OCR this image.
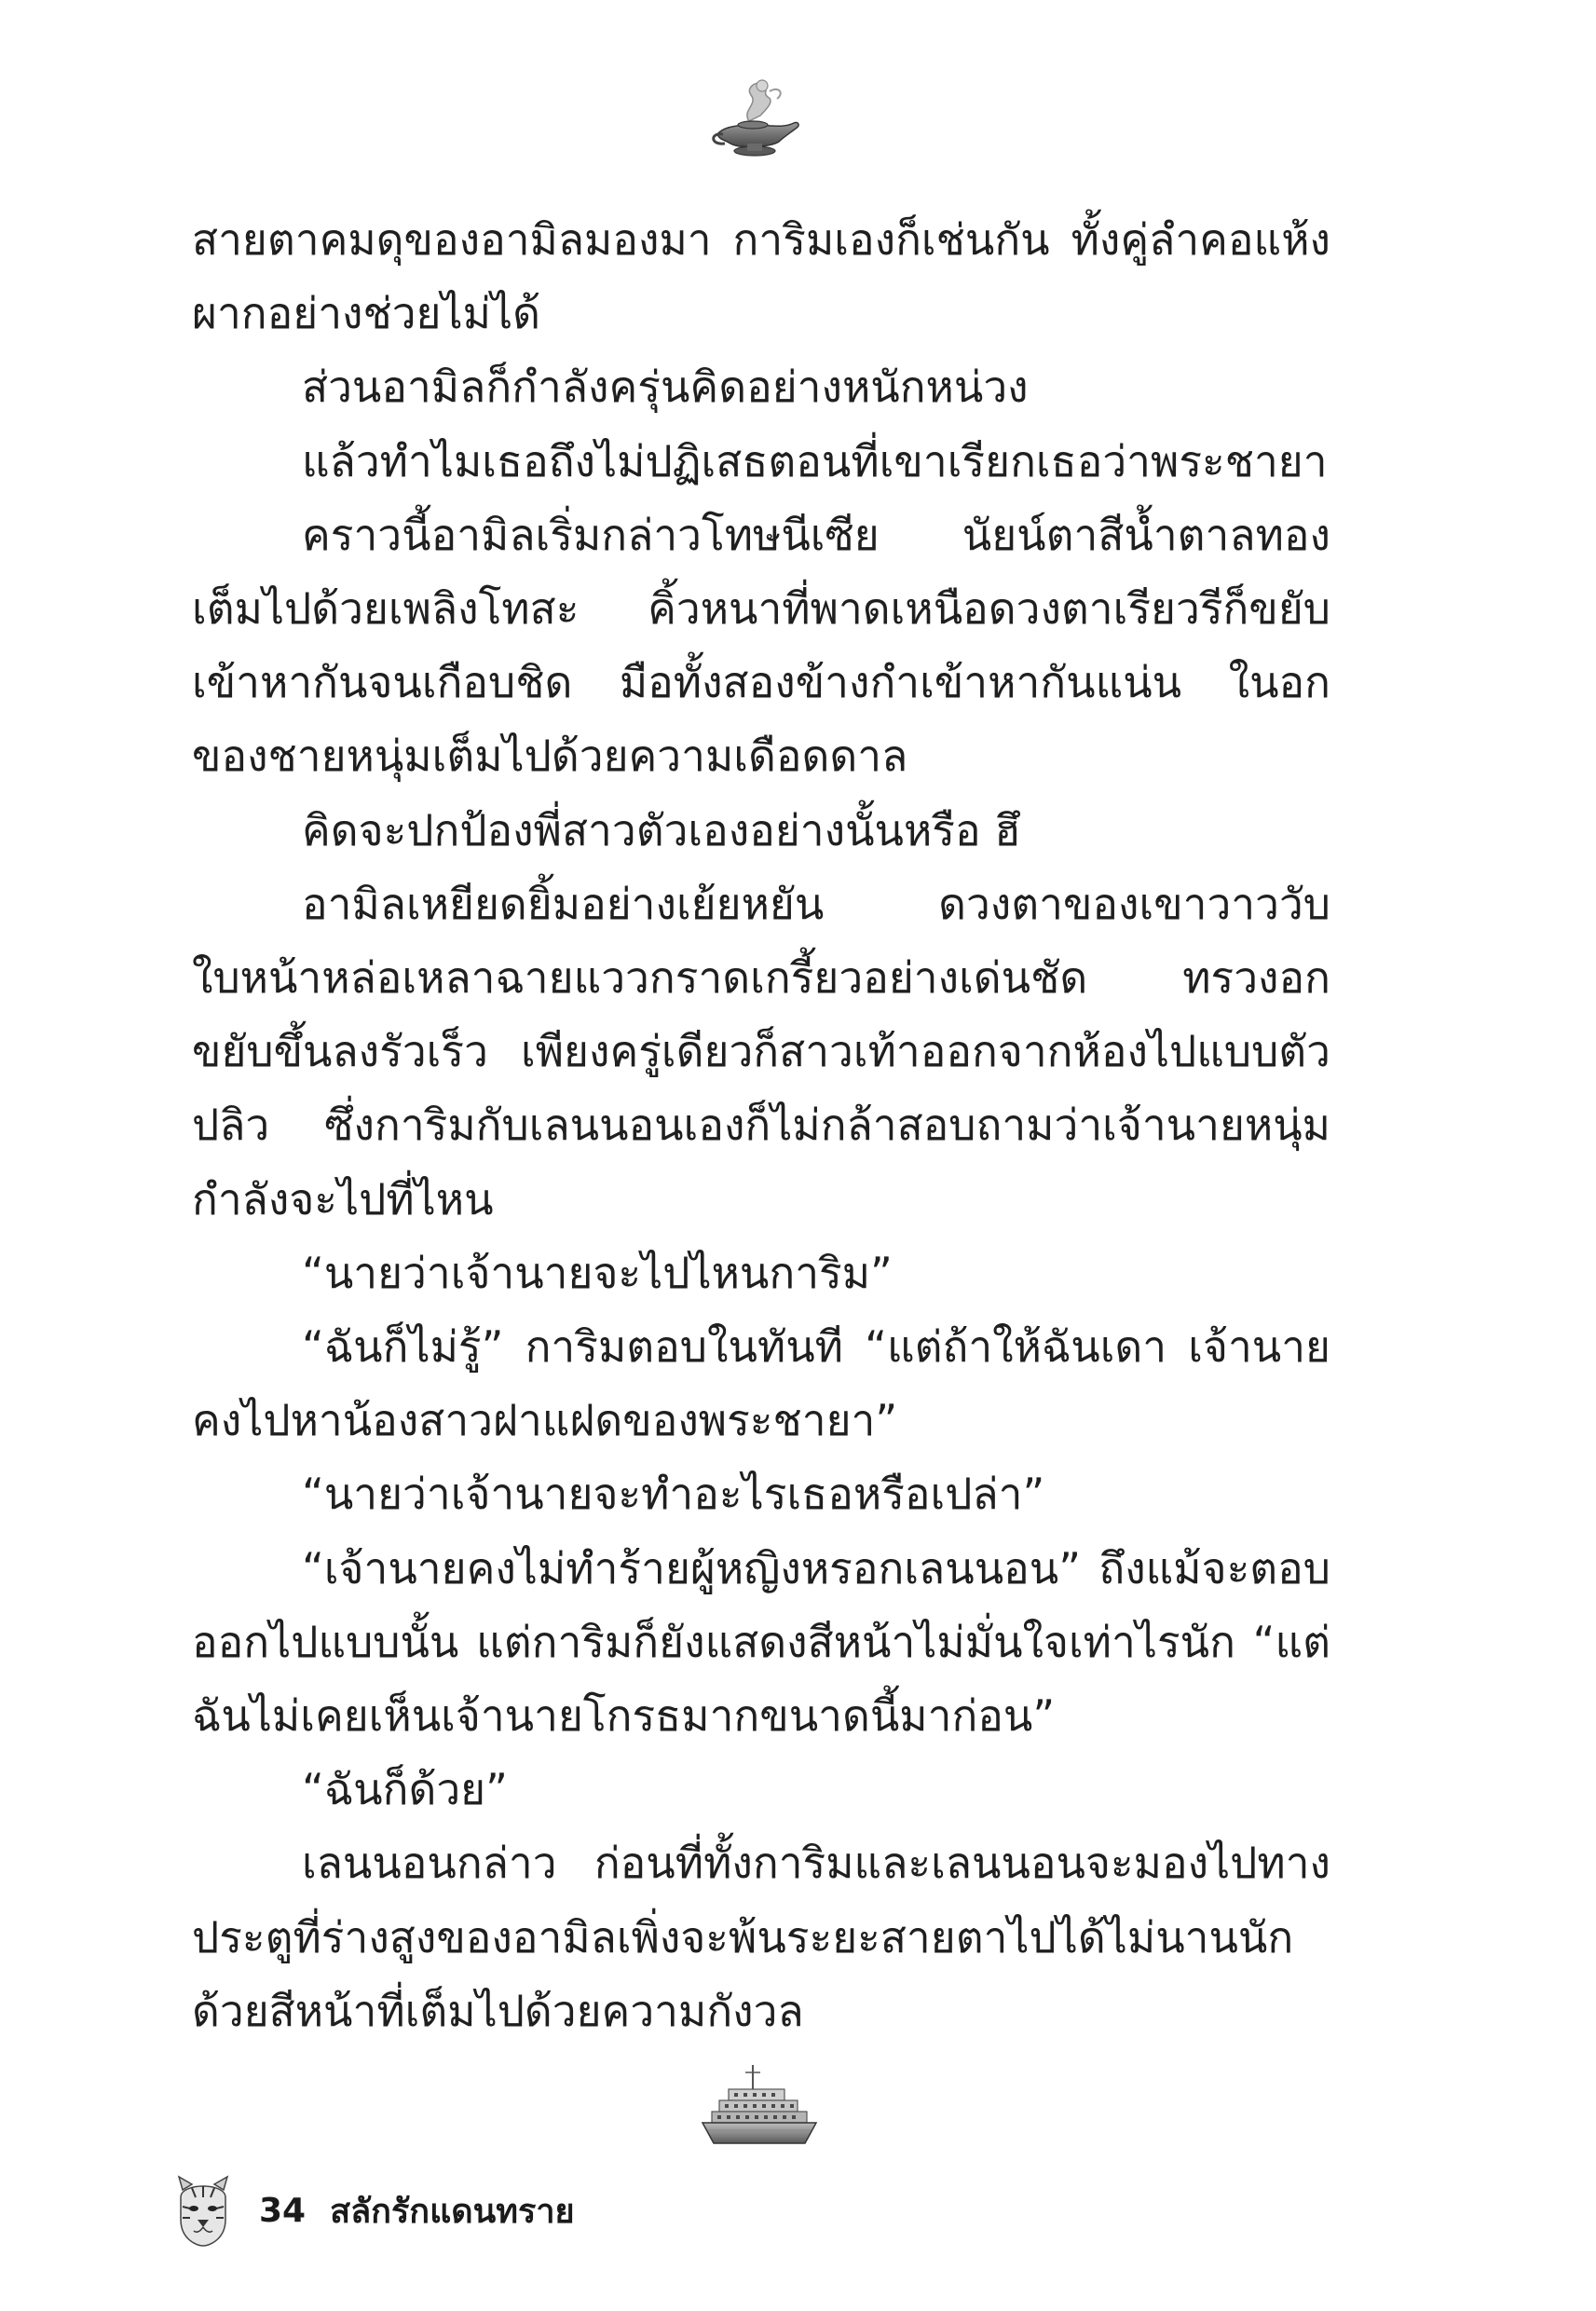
สายตาคมดุของอามิลมองมา การิมเองก็เช่นกัน ทั้งคู่ลำคอแห้งผากอย่างช่วยไม่ได้

ส่วนอามิลก็กำลังครุ่นคิดอย่างหนักหน่วง

แล้วทำไมเธอถึงไม่ปฏิเสธตอนที่เขาเรียกเธอว่าพระชายา

คราวนี้อามิลเริ่มกล่าวโทษนีเซีย นัยน์ตาสีน้ำตาลทองเต็มไปด้วยเพลิงโทสะ คิ้วหนาที่พาดเหนือดวงตาเรียวรีก็ขยับเข้าหากันจนเกือบชิด มือทั้งสองข้างกำเข้าหากันแน่น ในอกของชายหนุ่มเต็มไปด้วยความเดือดดาล

คิดจะปกป้องพี่สาวตัวเองอย่างนั้นหรือ ฮึ

อามิลเหยียดยิ้มอย่างเย้ยหยัน ดวงตาของเขาวาววับ ใบหน้าหล่อเหลาฉายแววกราดเกรี้ยวอย่างเด่นชัด ทรวงอกขยับขึ้นลงรัวเร็ว เพียงครู่เดียวก็สาวเท้าออกจากห้องไปแบบตัวปลิว ซึ่งการิมกับเลนนอนเองก็ไม่กล้าสอบถามว่าเจ้านายหนุ่มกำลังจะไปที่ไหน

“นายว่าเจ้านายจะไปไหนการิม”

“ฉันก็ไม่รู้” การิมตอบในทันที “แต่ถ้าให้ฉันเดา เจ้านายคงไปหาน้องสาวฝาแฝดของพระชายา”

“นายว่าเจ้านายจะทำอะไรเธอหรือเปล่า”

“เจ้านายคงไม่ทำร้ายผู้หญิงหรอกเลนนอน” ถึงแม้จะตอบออกไปแบบนั้น แต่การิมก็ยังแสดงสีหน้าไม่มั่นใจเท่าไรนัก “แต่ฉันไม่เคยเห็นเจ้านายโกรธมากขนาดนี้มาก่อน”

“ฉันก็ด้วย”

เลนนอนกล่าว ก่อนที่ทั้งการิมและเลนนอนจะมองไปทางประตูที่ร่างสูงของอามิลเพิ่งจะพ้นระยะสายตาไปได้ไม่นานนักด้วยสีหน้าที่เต็มไปด้วยความกังวล

34 สลักรักแดนทราย
